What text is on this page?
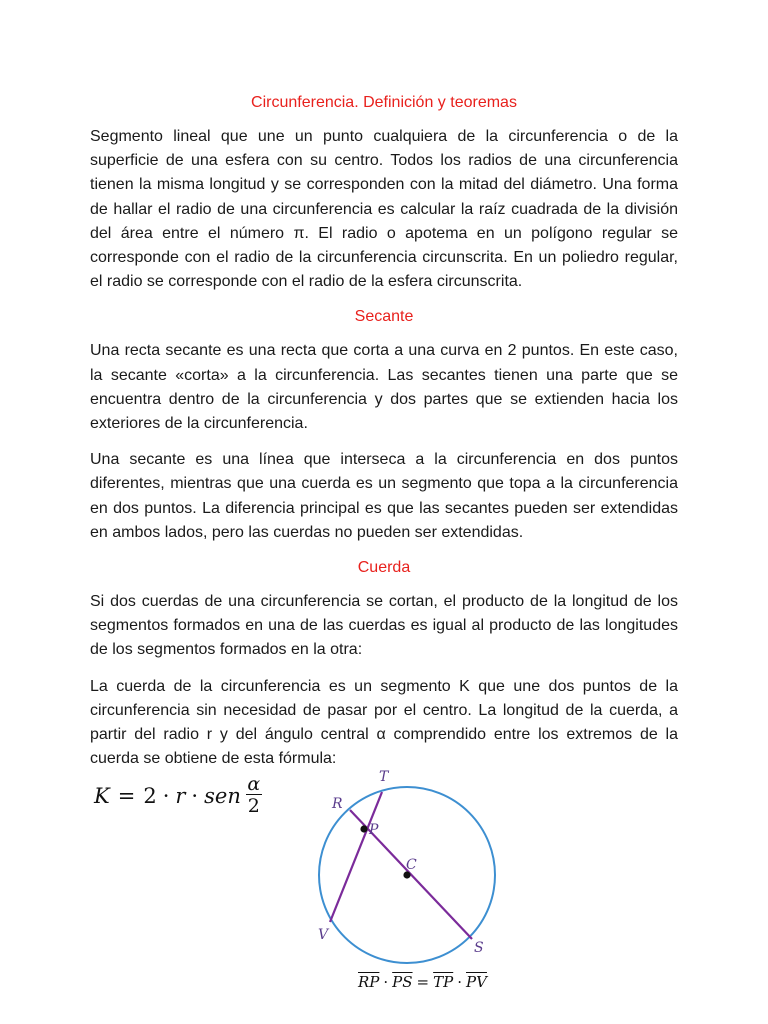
Circunferencia. Definición y teoremas

Segmento lineal que une un punto cualquiera de la circunferencia o de la superficie de una esfera con su centro. Todos los radios de una circunferencia tienen la misma longitud y se corresponden con la mitad del diámetro. Una forma de hallar el radio de una circunferencia es calcular la raíz cuadrada de la división del área entre el número π. El radio o apotema en un polígono regular se corresponde con el radio de la circunferencia circunscrita. En un poliedro regular, el radio se corresponde con el radio de la esfera circunscrita.

Secante

Una recta secante es una recta que corta a una curva en 2 puntos. En este caso, la secante «corta» a la circunferencia. Las secantes tienen una parte que se encuentra dentro de la circunferencia y dos partes que se extienden hacia los exteriores de la circunferencia.

Una secante es una línea que interseca a la circunferencia en dos puntos diferentes, mientras que una cuerda es un segmento que topa a la circunferencia en dos puntos. La diferencia principal es que las secantes pueden ser extendidas en ambos lados, pero las cuerdas no pueden ser extendidas.

Cuerda

Si dos cuerdas de una circunferencia se cortan, el producto de la longitud de los segmentos formados en una de las cuerdas es igual al producto de las longitudes de los segmentos formados en la otra:

La cuerda de la circunferencia es un segmento K que une dos puntos de la circunferencia sin necesidad de pasar por el centro. La longitud de la cuerda, a partir del radio r y del ángulo central α comprendido entre los extremos de la cuerda se obtiene de esta fórmula:

K = 2 · r · sen $\frac{\alpha}{2}$	T
R
P
C
V
S
$\overline{RP} \cdot \overline{PS} = \overline{TP} \cdot \overline{PV}$
